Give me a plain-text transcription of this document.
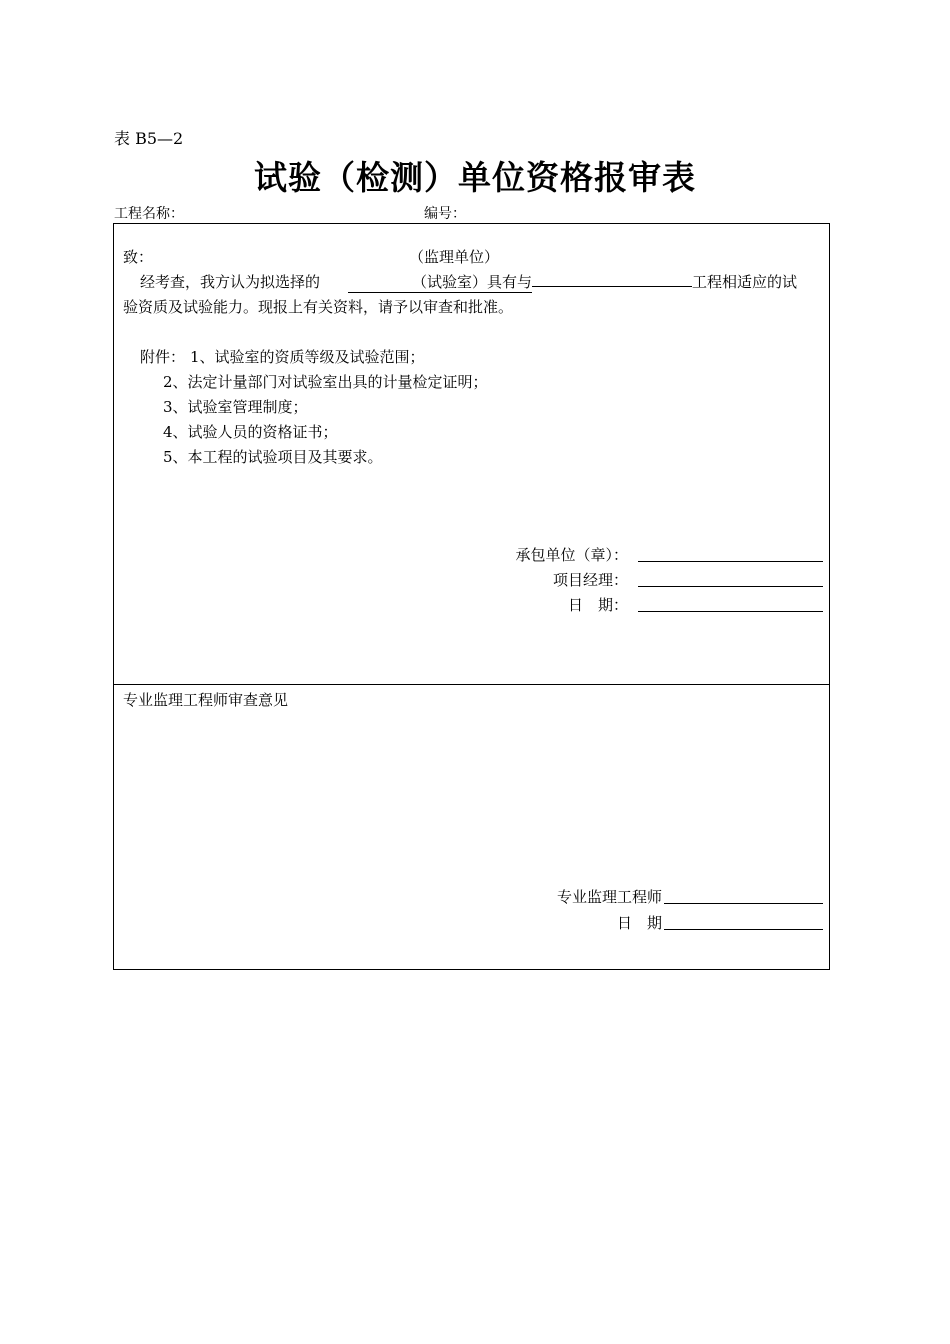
表 B5—2
试验（检测）单位资格报审表
工程名称：	编号：
致：	（监理单位）
经考查，我方认为拟选择的	（试验室）具有与	工程相适应的试
验资质及试验能力。现报上有关资料，请予以审查和批准。
附件： 1、试验室的资质等级及试验范围；
2、法定计量部门对试验室出具的计量检定证明；
3、试验室管理制度；
4、试验人员的资格证书；
5、本工程的试验项目及其要求。
承包单位（章）：
项目经理：
日　期：
专业监理工程师审查意见
专业监理工程师
日　期
